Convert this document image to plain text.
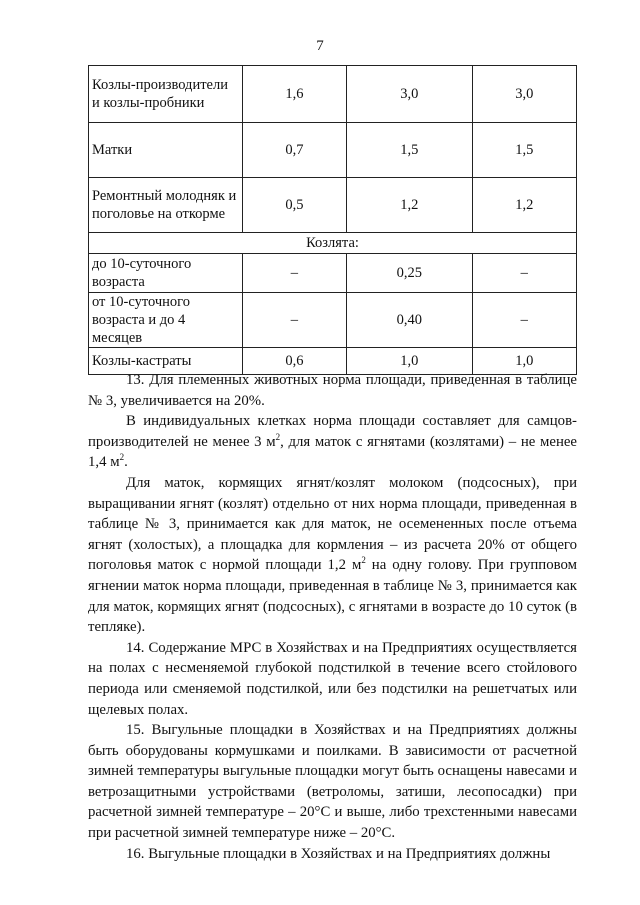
7
Козлы-производители и козлы-пробники	1,6	3,0	3,0
Матки	0,7	1,5	1,5
Ремонтный молодняк и поголовье на откорме	0,5	1,2	1,2
Козлята:			
до 10-суточного возраста	–	0,25	–
от 10-суточного возраста и до 4 месяцев	–	0,40	–
Козлы-кастраты	0,6	1,0	1,0

13. Для племенных животных норма площади, приведенная в таблице № 3, увеличивается на 20%.

В индивидуальных клетках норма площади составляет для самцов-производителей не менее 3 $м^2$, для маток с ягнятами (козлятами) – не менее 1,4 $м^2$.

Для маток, кормящих ягнят/козлят молоком (подсосных), при выращивании ягнят (козлят) отдельно от них норма площади, приведенная в таблице № 3, принимается как для маток, не осемененных после отъема ягнят (холостых), а площадка для кормления – из расчета 20% от общего поголовья маток с нормой площади 1,2 $м^2$ на одну голову. При групповом ягнении маток норма площади, приведенная в таблице № 3, принимается как для маток, кормящих ягнят (подсосных), с ягнятами в возрасте до 10 суток (в тепляке).

14. Содержание МРС в Хозяйствах и на Предприятиях осуществляется на полах с несменяемой глубокой подстилкой в течение всего стойлового периода или сменяемой подстилкой, или без подстилки на решетчатых или щелевых полах.

15. Выгульные площадки в Хозяйствах и на Предприятиях должны быть оборудованы кормушками и поилками. В зависимости от расчетной зимней температуры выгульные площадки могут быть оснащены навесами и ветрозащитными устройствами (ветроломы, затиши, лесопосадки) при расчетной зимней температуре – 20°C и выше, либо трехстенными навесами при расчетной зимней температуре ниже – 20°C.

16. Выгульные площадки в Хозяйствах и на Предприятиях должны
